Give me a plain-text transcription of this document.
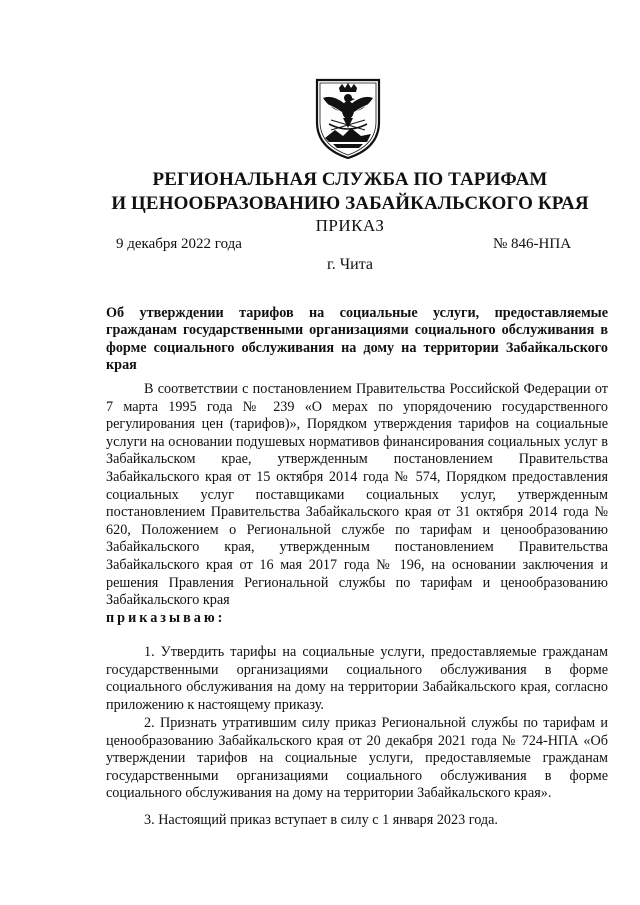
РЕГИОНАЛЬНАЯ СЛУЖБА ПО ТАРИФАМ
И ЦЕНООБРАЗОВАНИЮ ЗАБАЙКАЛЬСКОГО КРАЯ
ПРИКАЗ
9 декабря 2022 года	№ 846-НПА
г. Чита
Об утверждении тарифов на социальные услуги, предоставляемые гражданам государственными организациями социального обслуживания в форме социального обслуживания на дому на территории Забайкальского края

В соответствии с постановлением Правительства Российской Федерации от 7 марта 1995 года № 239 «О мерах по упорядочению государственного регулирования цен (тарифов)», Порядком утверждения тарифов на социальные услуги на основании подушевых нормативов финансирования социальных услуг в Забайкальском крае, утвержденным постановлением Правительства Забайкальского края от 15 октября 2014 года № 574, Порядком предоставления социальных услуг поставщиками социальных услуг, утвержденным постановлением Правительства Забайкальского края от 31 октября 2014 года № 620, Положением о Региональной службе по тарифам и ценообразованию Забайкальского края, утвержденным постановлением Правительства Забайкальского края от 16 мая 2017 года № 196, на основании заключения и решения Правления Региональной службы по тарифам и ценообразованию Забайкальского края
приказываю:

1. Утвердить тарифы на социальные услуги, предоставляемые гражданам государственными организациями социального обслуживания в форме социального обслуживания на дому на территории Забайкальского края, согласно приложению к настоящему приказу.

2. Признать утратившим силу приказ Региональной службы по тарифам и ценообразованию Забайкальского края от 20 декабря 2021 года № 724-НПА «Об утверждении тарифов на социальные услуги, предоставляемые гражданам государственными организациями социального обслуживания в форме социального обслуживания на дому на территории Забайкальского края».

3. Настоящий приказ вступает в силу с 1 января 2023 года.
